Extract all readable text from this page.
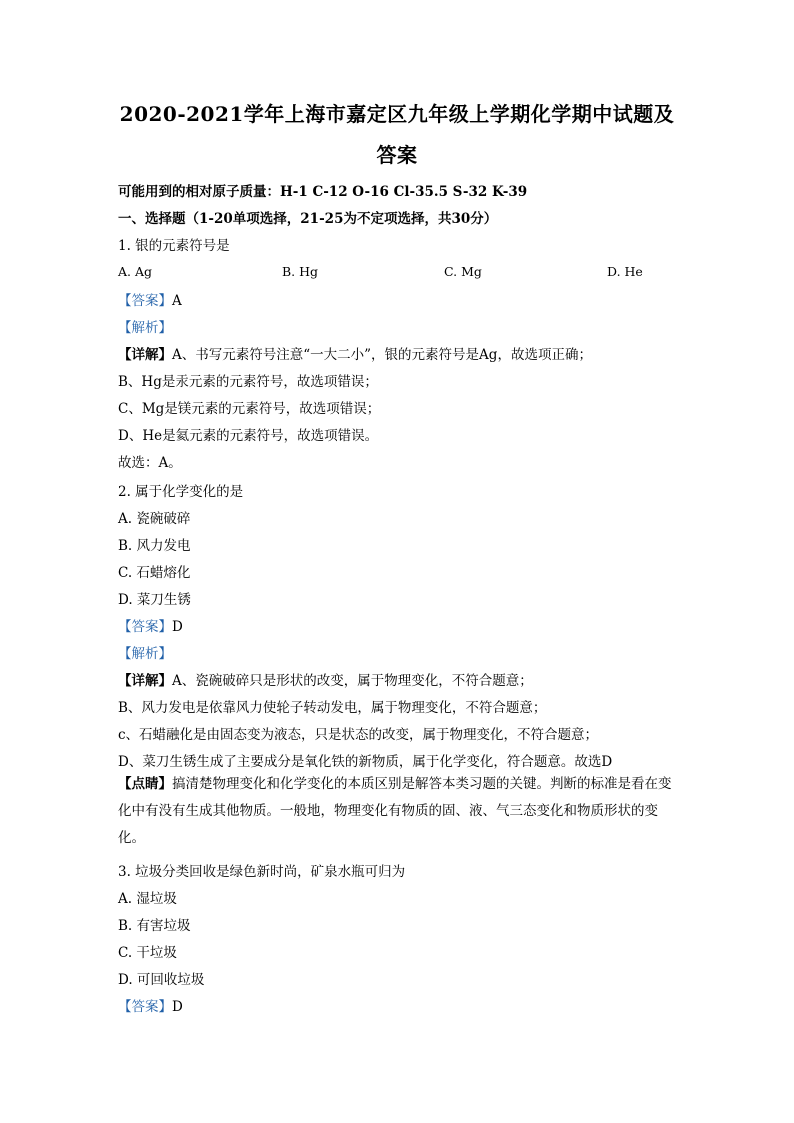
2020-2021学年上海市嘉定区九年级上学期化学期中试题及
答案
可能用到的相对原子质量：H-1 C-12 O-16 Cl-35.5 S-32 K-39
一、选择题（1-20单项选择，21-25为不定项选择，共30分）
1. 银的元素符号是
A. Ag	B. Hg	C. Mg	D. He
【答案】A
【解析】
【详解】A、书写元素符号注意“一大二小”，银的元素符号是Ag，故选项正确；
B、Hg是汞元素的元素符号，故选项错误；
C、Mg是镁元素的元素符号，故选项错误；
D、He是氦元素的元素符号，故选项错误。
故选：A。
2. 属于化学变化的是
A. 瓷碗破碎
B. 风力发电
C. 石蜡熔化
D. 菜刀生锈
【答案】D
【解析】
【详解】A、瓷碗破碎只是形状的改变，属于物理变化，不符合题意；
B、风力发电是依靠风力使轮子转动发电，属于物理变化，不符合题意；
c、石蜡融化是由固态变为液态，只是状态的改变，属于物理变化，不符合题意；
D、菜刀生锈生成了主要成分是氧化铁的新物质，属于化学变化，符合题意。故选D
【点睛】搞清楚物理变化和化学变化的本质区别是解答本类习题的关键。判断的标准是看在变化中有没有生成其他物质。一般地，物理变化有物质的固、液、气三态变化和物质形状的变化。
3. 垃圾分类回收是绿色新时尚，矿泉水瓶可归为
A. 湿垃圾
B. 有害垃圾
C. 干垃圾
D. 可回收垃圾
【答案】D
